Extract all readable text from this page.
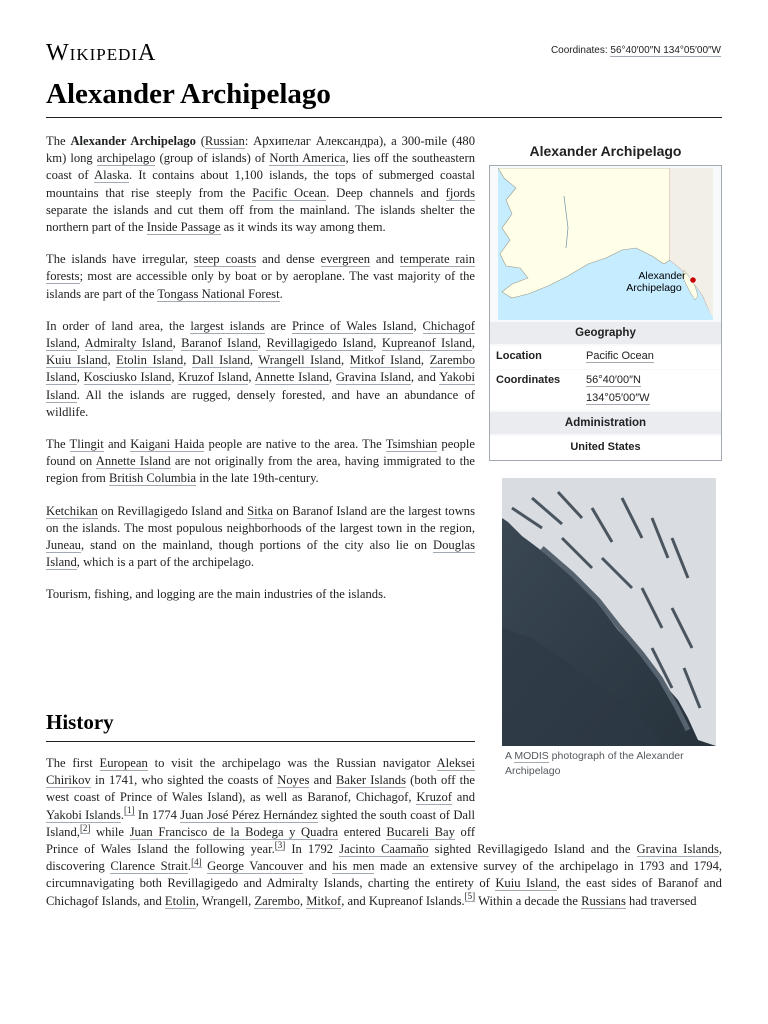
WIKIPEDIA	Coordinates: 56°40′00″N 134°05′00″W
Alexander Archipelago

The Alexander Archipelago (Russian: Архипелаг Александра), a 300-mile (480 km) long archipelago (group of islands) of North America, lies off the southeastern coast of Alaska. It contains about 1,100 islands, the tops of submerged coastal mountains that rise steeply from the Pacific Ocean. Deep channels and fjords separate the islands and cut them off from the mainland. The islands shelter the northern part of the Inside Passage as it winds its way among them.

The islands have irregular, steep coasts and dense evergreen and temperate rain forests; most are accessible only by boat or by aeroplane. The vast majority of the islands are part of the Tongass National Forest.

In order of land area, the largest islands are Prince of Wales Island, Chichagof Island, Admiralty Island, Baranof Island, Revillagigedo Island, Kupreanof Island, Kuiu Island, Etolin Island, Dall Island, Wrangell Island, Mitkof Island, Zarembo Island, Kosciusko Island, Kruzof Island, Annette Island, Gravina Island, and Yakobi Island. All the islands are rugged, densely forested, and have an abundance of wildlife.

The Tlingit and Kaigani Haida people are native to the area. The Tsimshian people found on Annette Island are not originally from the area, having immigrated to the region from British Columbia in the late 19th-century.

Ketchikan on Revillagigedo Island and Sitka on Baranof Island are the largest towns on the islands. The most populous neighborhoods of the largest town in the region, Juneau, stand on the mainland, though portions of the city also lie on Douglas Island, which is a part of the archipelago.

Tourism, fishing, and logging are the main industries of the islands.

History
The first European to visit the archipelago was the Russian navigator Aleksei Chirikov in 1741, who sighted the coasts of Noyes and Baker Islands (both off the west coast of Prince of Wales Island), as well as Baranof, Chichagof, Kruzof and Yakobi Islands.[1] In 1774 Juan José Pérez Hernández sighted the south coast of Dall Island,[2] while Juan Francisco de la Bodega y Quadra entered Bucareli Bay off Prince of Wales Island the following year.[3] In 1792 Jacinto Caamaño sighted Revillagigedo Island and the Gravina Islands, discovering Clarence Strait.[4] George Vancouver and his men made an extensive survey of the archipelago in 1793 and 1794, circumnavigating both Revillagigedo and Admiralty Islands, charting the entirety of Kuiu Island, the east sides of Baranof and Chichagof Islands, and Etolin, Wrangell, Zarembo, Mitkof, and Kupreanof Islands.[5] Within a decade the Russians had traversed
Alexander Archipelago
Alexander
Archipelago
Geography
Location	Pacific Ocean
Coordinates 56°40′00″N
134°05′00″W
Administration
United States
A MODIS photograph of the Alexander Archipelago
